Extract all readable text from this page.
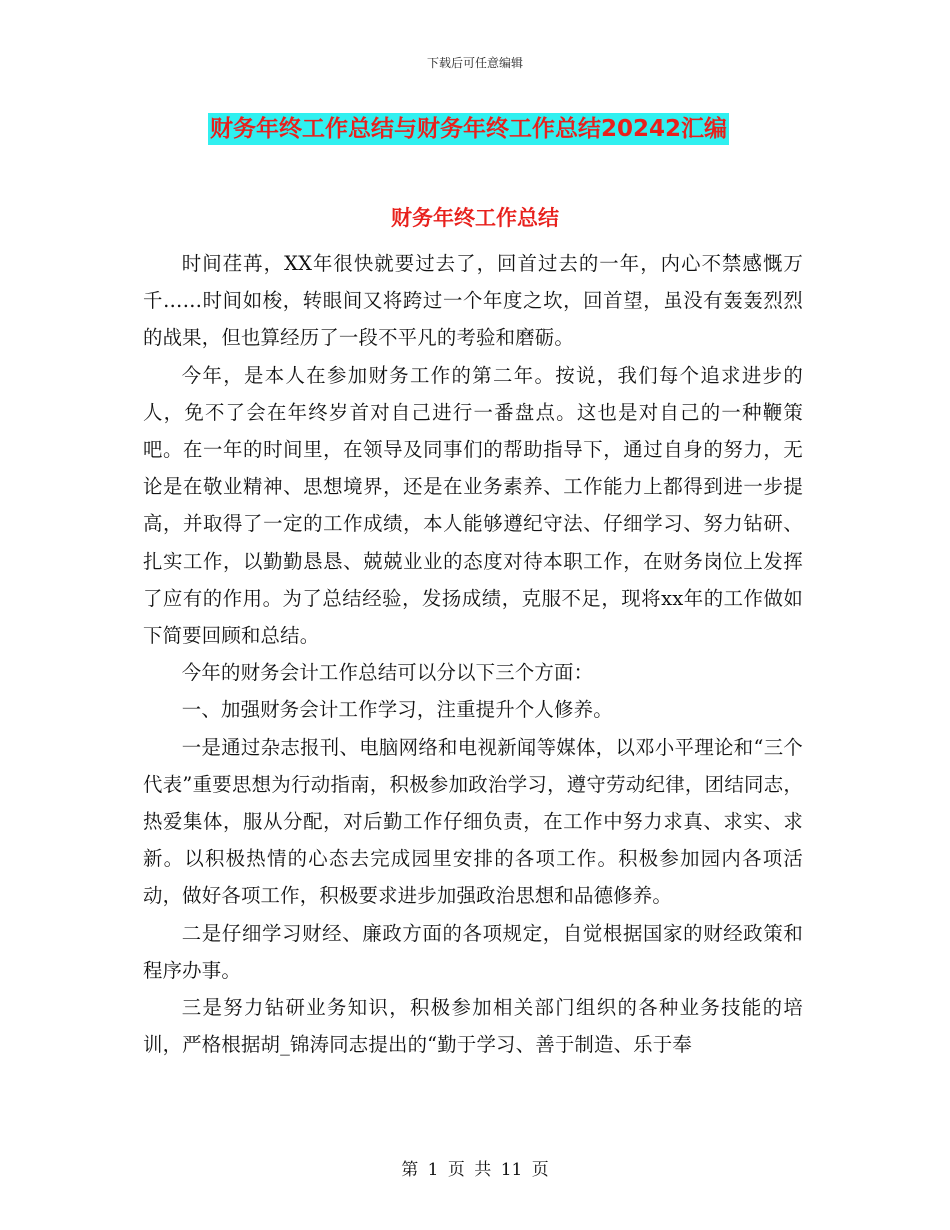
下载后可任意编辑
财务年终工作总结与财务年终工作总结20242汇编
财务年终工作总结

时间荏苒，XX年很快就要过去了，回首过去的一年，内心不禁感慨万千……时间如梭，转眼间又将跨过一个年度之坎，回首望，虽没有轰轰烈烈的战果，但也算经历了一段不平凡的考验和磨砺。

今年，是本人在参加财务工作的第二年。按说，我们每个追求进步的人，免不了会在年终岁首对自己进行一番盘点。这也是对自己的一种鞭策吧。在一年的时间里，在领导及同事们的帮助指导下，通过自身的努力，无论是在敬业精神、思想境界，还是在业务素养、工作能力上都得到进一步提高，并取得了一定的工作成绩，本人能够遵纪守法、仔细学习、努力钻研、扎实工作，以勤勤恳恳、兢兢业业的态度对待本职工作，在财务岗位上发挥了应有的作用。为了总结经验，发扬成绩，克服不足，现将xx年的工作做如下简要回顾和总结。

今年的财务会计工作总结可以分以下三个方面：

一、加强财务会计工作学习，注重提升个人修养。

一是通过杂志报刊、电脑网络和电视新闻等媒体，以邓小平理论和“三个代表”重要思想为行动指南，积极参加政治学习，遵守劳动纪律，团结同志，热爱集体，服从分配，对后勤工作仔细负责，在工作中努力求真、求实、求新。以积极热情的心态去完成园里安排的各项工作。积极参加园内各项活动，做好各项工作，积极要求进步加强政治思想和品德修养。

二是仔细学习财经、廉政方面的各项规定，自觉根据国家的财经政策和程序办事。

三是努力钻研业务知识，积极参加相关部门组织的各种业务技能的培训，严格根据胡_锦涛同志提出的“勤于学习、善于制造、乐于奉

第 1 页 共 11 页
